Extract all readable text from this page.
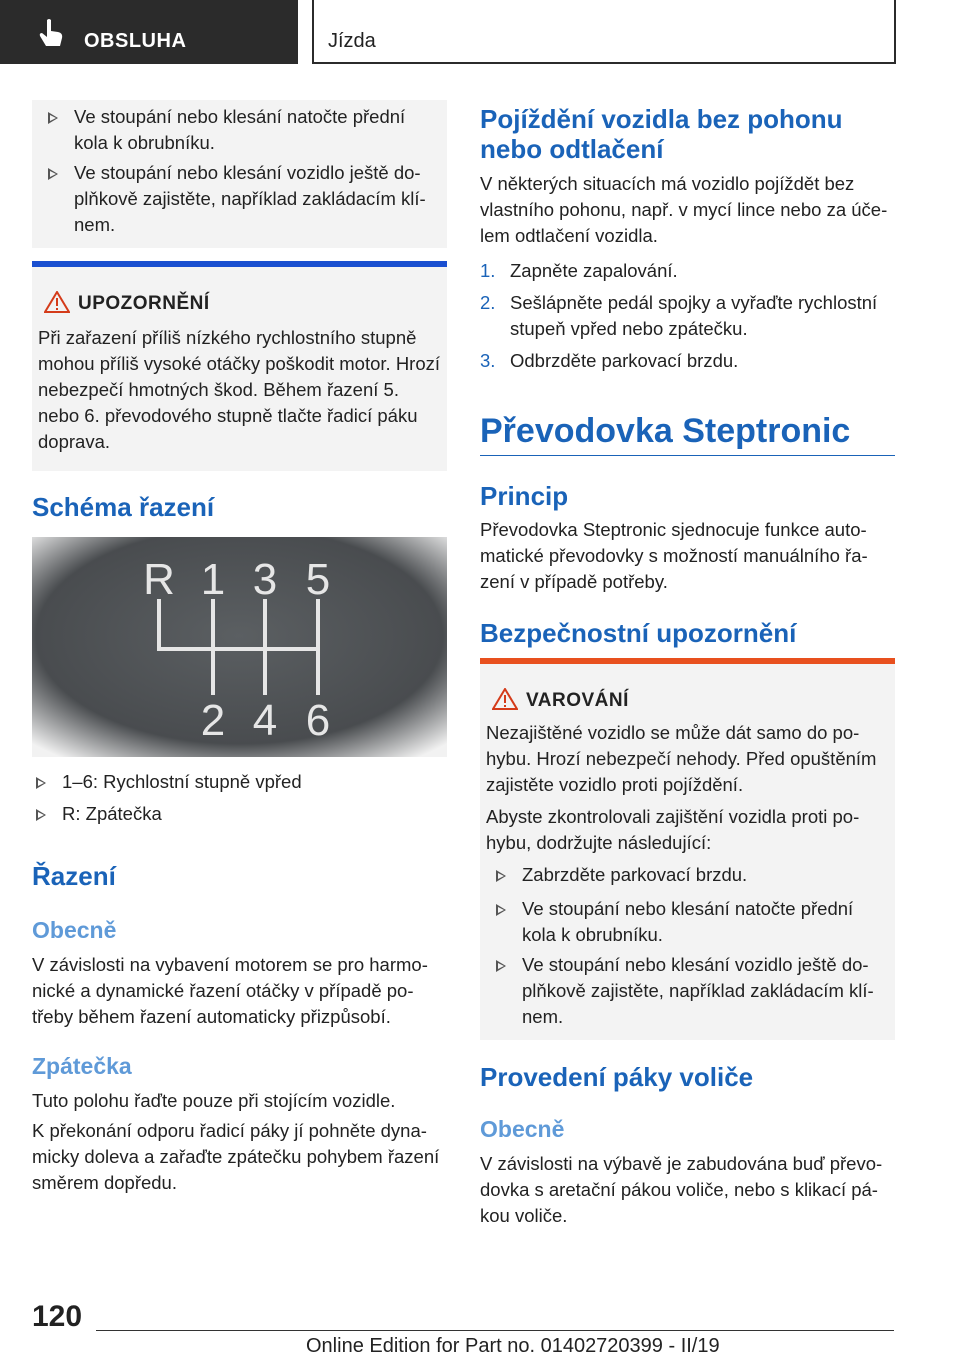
OBSLUHA	Jízda
Ve stoupání nebo klesání natočte přední kola k obrubníku.
Ve stoupání nebo klesání vozidlo ještě do-plňkově zajistěte, například zakládacím klí-nem.
UPOZORNĚNÍ

Při zařazení příliš nízkého rychlostního stupně mohou příliš vysoké otáčky poškodit motor. Hrozí nebezpečí hmotných škod. Během řazení 5. nebo 6. převodového stupně tlačte řadicí páku doprava.

Schéma řazení
R 1 3 5
2 4 6
1–6: Rychlostní stupně vpřed
R: Zpátečka
Řazení
Obecně

V závislosti na vybavení motorem se pro harmo-nické a dynamické řazení otáčky v případě po-třeby během řazení automaticky přizpůsobí.

Zpátečka

Tuto polohu řaďte pouze při stojícím vozidle.

K překonání odporu řadicí páky jí pohněte dyna-micky doleva a zařaďte zpátečku pohybem řazení směrem dopředu.

Pojíždění vozidla bez pohonu
nebo odtlačení

V některých situacích má vozidlo pojíždět bez vlastního pohonu, např. v mycí lince nebo za úče-lem odtlačení vozidla.

1. Zapněte zapalování.
2. Sešlápněte pedál spojky a vyřaďte rychlostní stupeň vpřed nebo zpátečku.
3. Odbrzděte parkovací brzdu.
Převodovka Steptronic
Princip

Převodovka Steptronic sjednocuje funkce auto-matické převodovky s možností manuálního řa-zení v případě potřeby.

Bezpečnostní upozornění
VAROVÁNÍ

Nezajištěné vozidlo se může dát samo do po-hybu. Hrozí nebezpečí nehody. Před opuštěním zajistěte vozidlo proti pojíždění.

Abyste zkontrolovali zajištění vozidla proti po-hybu, dodržujte následující:

Zabrzděte parkovací brzdu.
Ve stoupání nebo klesání natočte přední kola k obrubníku.
Ve stoupání nebo klesání vozidlo ještě do-plňkově zajistěte, například zakládacím klí-nem.
Provedení páky voliče
Obecně

V závislosti na výbavě je zabudována buď převo-dovka s aretační pákou voliče, nebo s klikací pá-kou voliče.

120
Online Edition for Part no. 01402720399 - II/19
